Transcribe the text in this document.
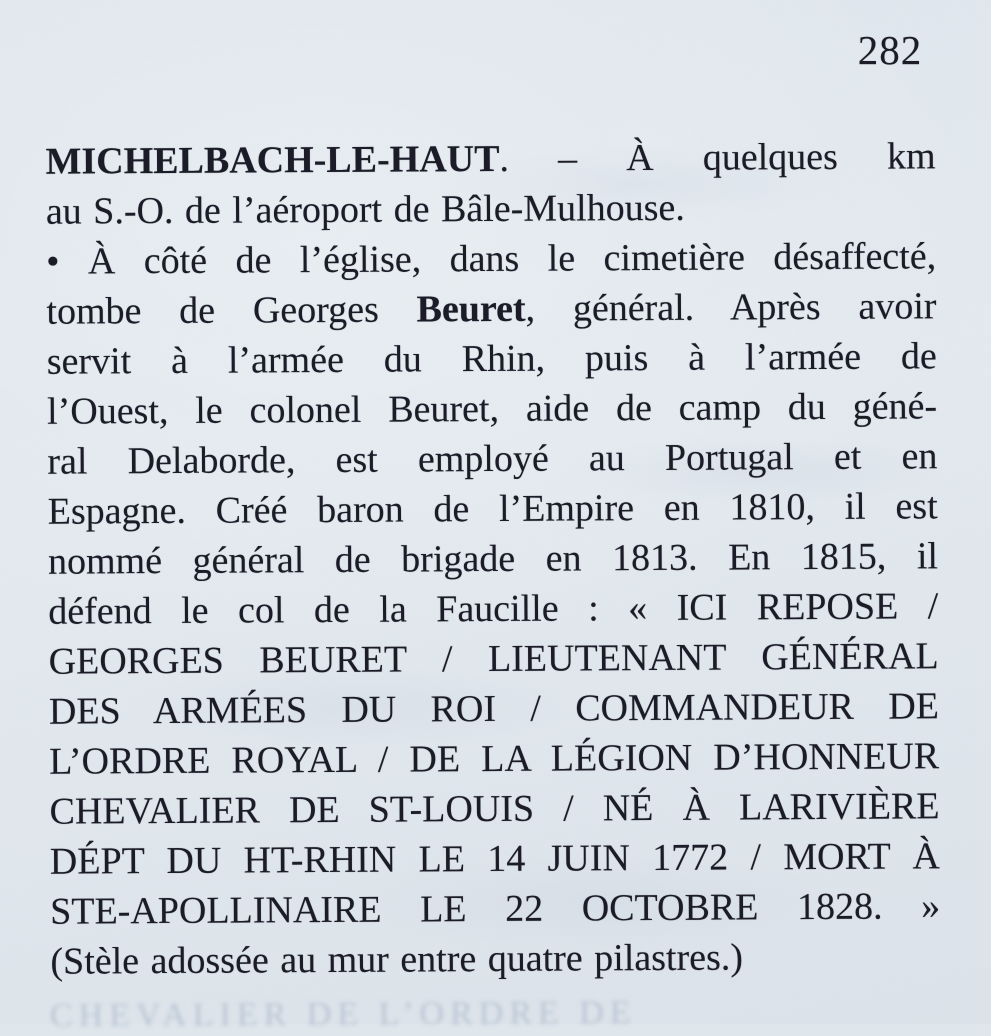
282
MICHELBACH-LE-HAUT. – À quelques km
au S.-O. de l’aéroport de Bâle-Mulhouse.
• À côté de l’église, dans le cimetière désaffecté,
tombe de Georges Beuret, général. Après avoir
servit à l’armée du Rhin, puis à l’armée de
l’Ouest, le colonel Beuret, aide de camp du géné-
ral Delaborde, est employé au Portugal et en
Espagne. Créé baron de l’Empire en 1810, il est
nommé général de brigade en 1813. En 1815, il
défend le col de la Faucille : « ICI REPOSE /
GEORGES BEURET / LIEUTENANT GÉNÉRAL
DES ARMÉES DU ROI / COMMANDEUR DE
L’ORDRE ROYAL / DE LA LÉGION D’HONNEUR
CHEVALIER DE ST-LOUIS / NÉ À LARIVIÈRE
DÉPT DU HT-RHIN LE 14 JUIN 1772 / MORT À
STE-APOLLINAIRE LE 22 OCTOBRE 1828. »
(Stèle adossée au mur entre quatre pilastres.)
CHEVALIER DE L’ORDRE DE
